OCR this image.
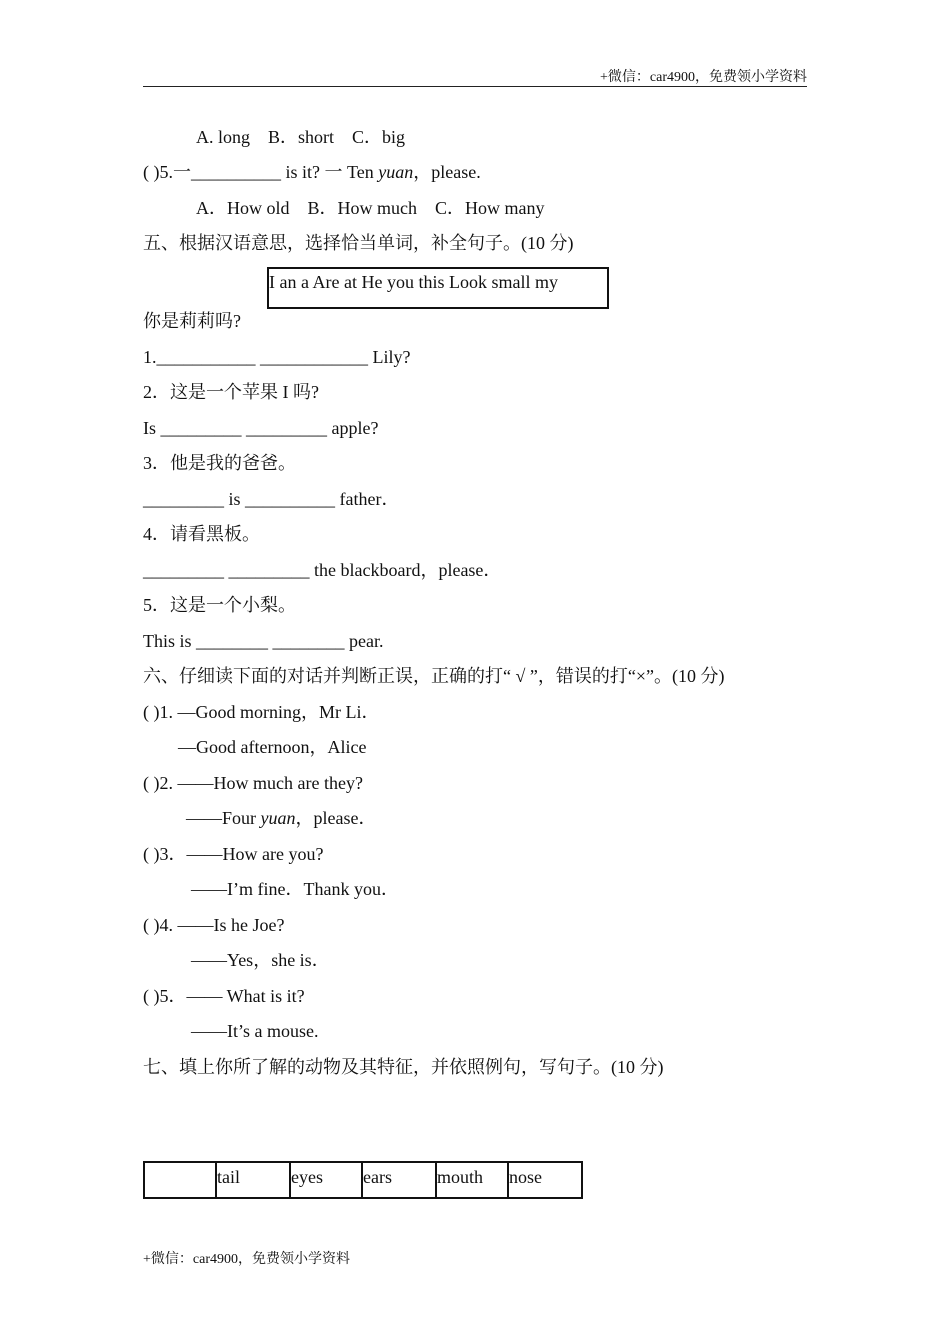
+微信：car4900，免费领小学资料
A. long　B．short　C．big
( )5.一__________ is it? 一 Ten yuan，please.
A．How old　B．How much　C．How many
五、根据汉语意思，选择恰当单词，补全句子。(10 分)
I an a Are at He you this Look small my
你是莉莉吗?
1.___________ ____________ Lily?
2．这是一个苹果 I 吗?
Is _________ _________ apple?
3．他是我的爸爸。
_________ is __________ father．
4．请看黑板。
_________ _________ the blackboard，please．
5．这是一个小梨。
This is ________ ________ pear.
六、仔细读下面的对话并判断正误，正确的打“ √ ”，错误的打“×”。(10 分)
( )1. —Good morning，Mr Li．
—Good afternoon，Alice
( )2. ——How much are they?
——Four yuan，please．
( )3．——How are you?
——I’m fine．Thank you．
( )4. ——Is he Joe?
——Yes，she is．
( )5．—— What is it?
——It’s a mouse.
七、填上你所了解的动物及其特征，并依照例句，写句子。(10 分)
	tail	eyes	ears	mouth	nose
+微信：car4900，免费领小学资料
